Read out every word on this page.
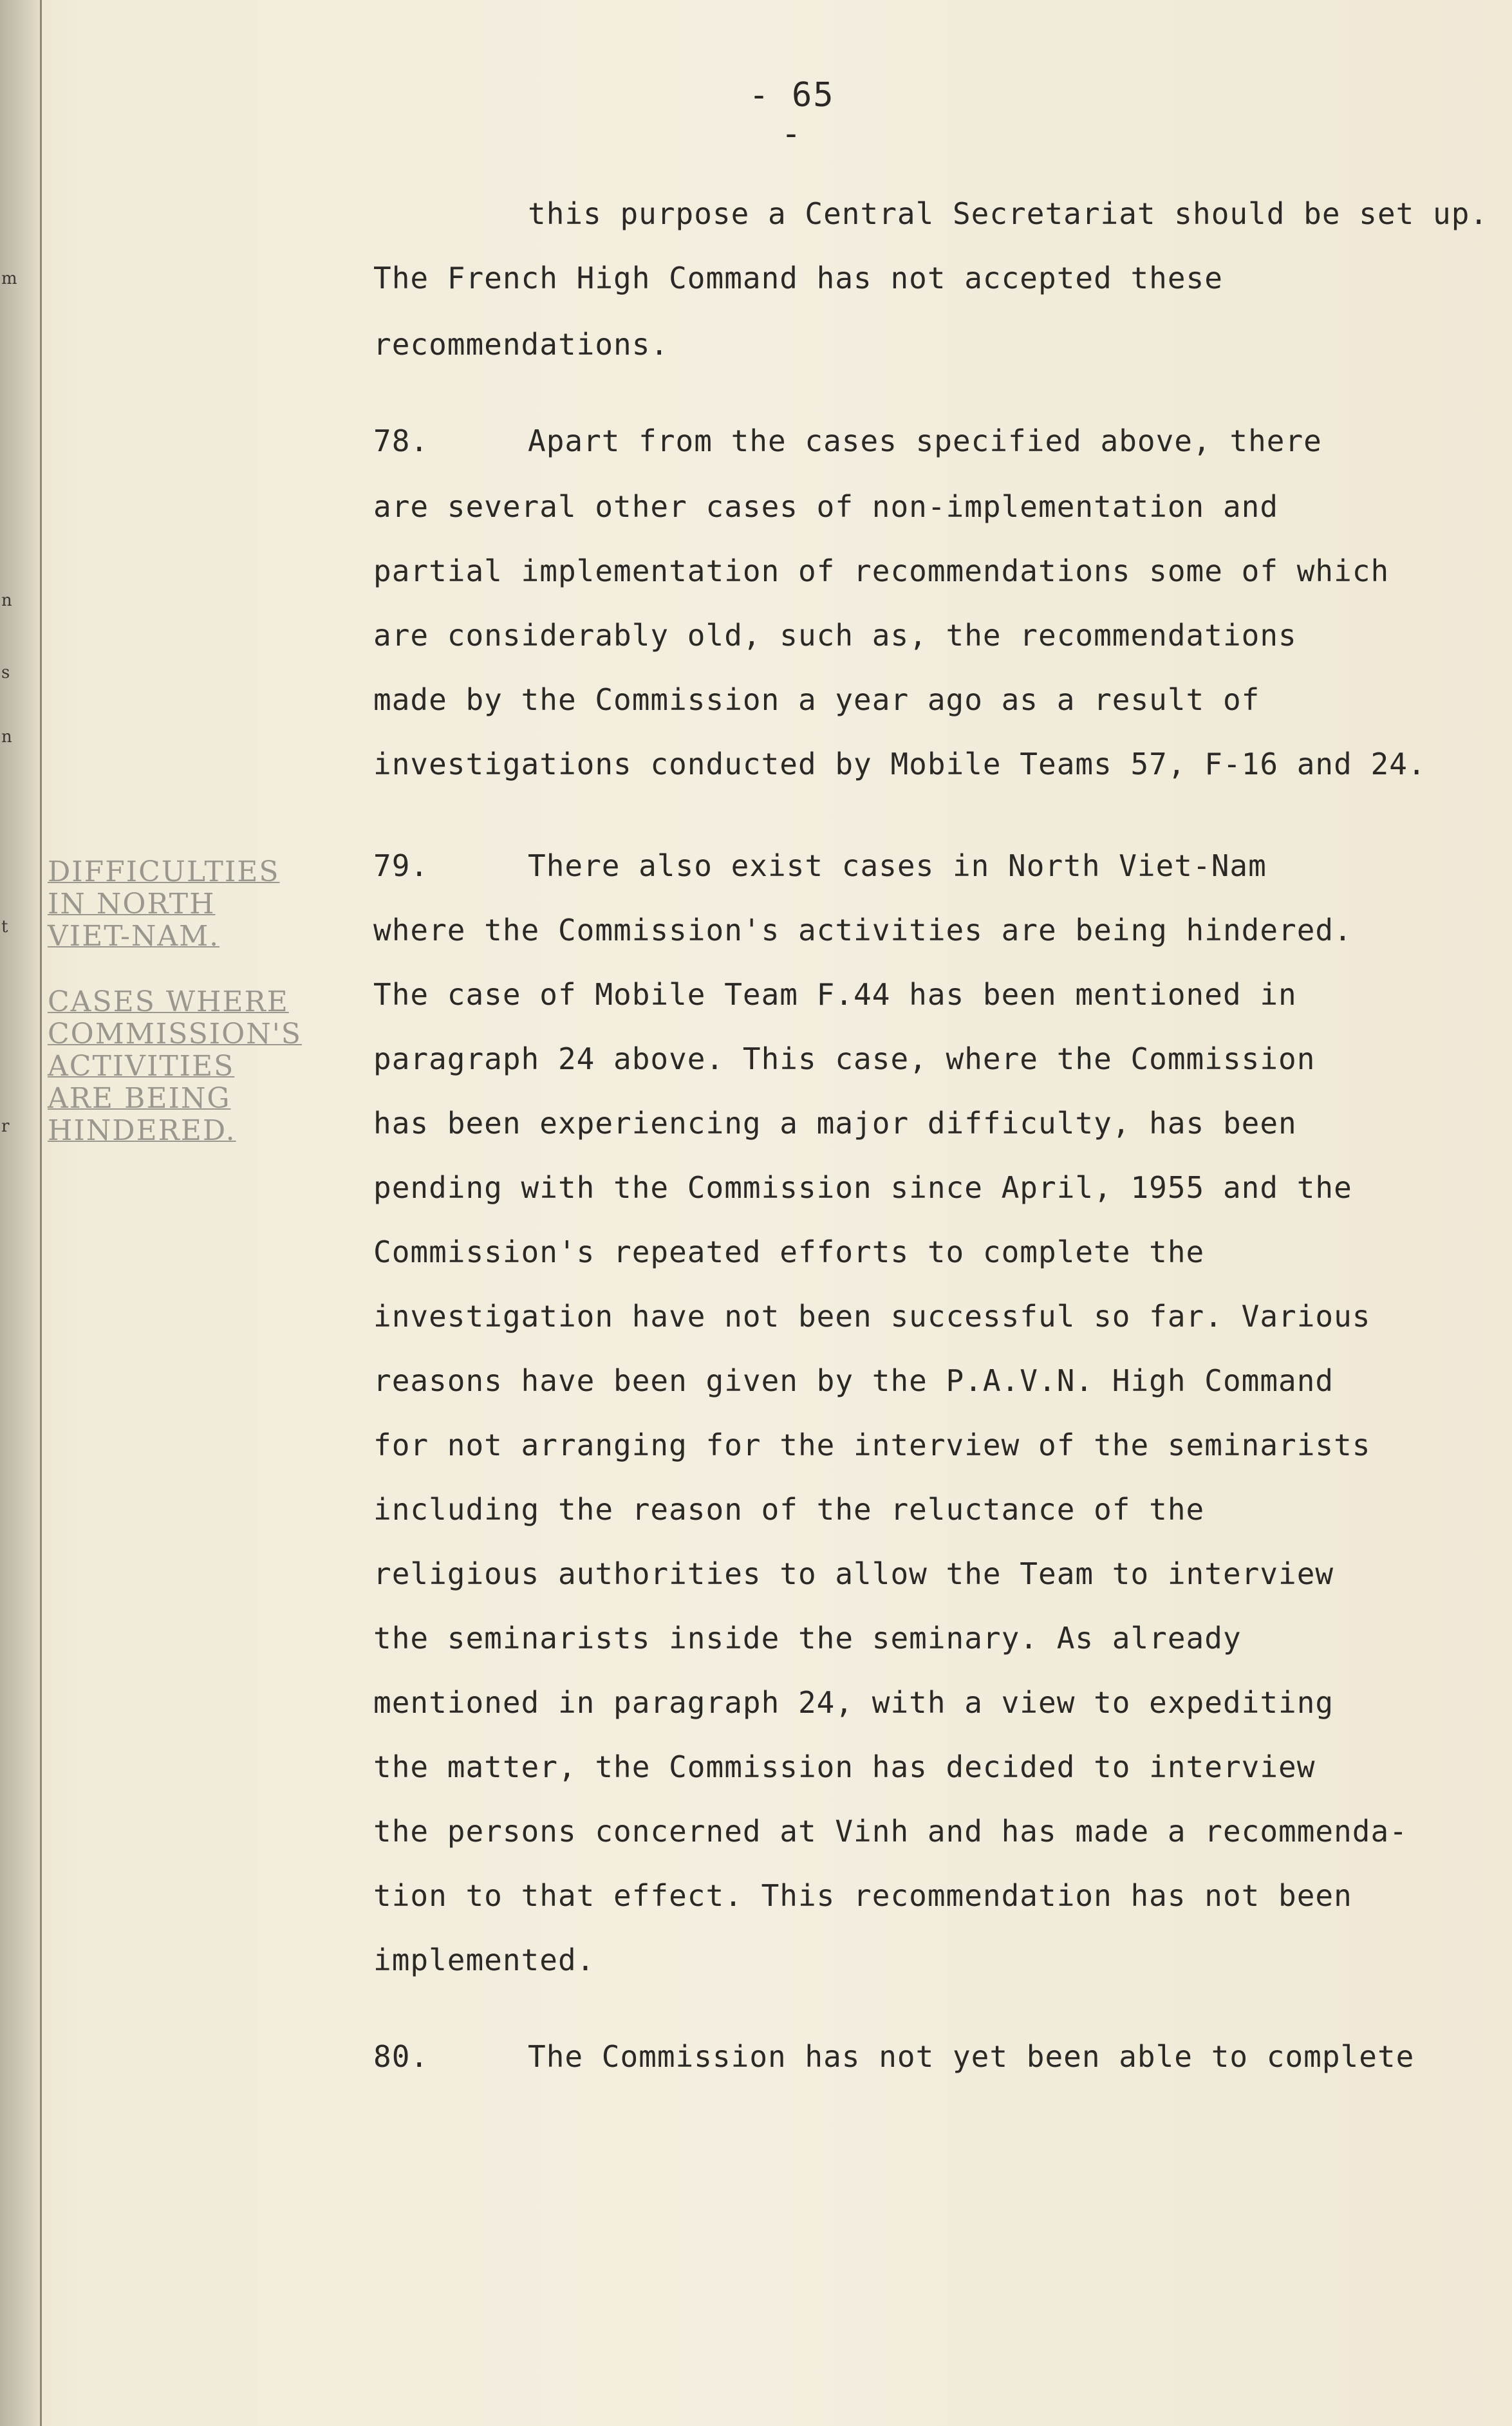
m
n
s
n
t
r
- 65 -
DIFFICULTIES
IN NORTH
VIET-NAM.
CASES WHERE
COMMISSION'S
ACTIVITIES
ARE BEING
HINDERED.
this purpose a Central Secretariat should be set up.
The French High Command has not accepted these
recommendations.
78.	Apart from the cases specified above, there
are several other cases of non-implementation and
partial implementation of recommendations some of which
are considerably old, such as, the recommendations
made by the Commission a year ago as a result of
investigations conducted by Mobile Teams 57, F-16 and 24.
79.	There also exist cases in North Viet-Nam
where the Commission's activities are being hindered.
The case of Mobile Team F.44 has been mentioned in
paragraph 24 above. This case, where the Commission
has been experiencing a major difficulty, has been
pending with the Commission since April, 1955 and the
Commission's repeated efforts to complete the
investigation have not been successful so far. Various
reasons have been given by the P.A.V.N. High Command
for not arranging for the interview of the seminarists
including the reason of the reluctance of the
religious authorities to allow the Team to interview
the seminarists inside the seminary. As already
mentioned in paragraph 24, with a view to expediting
the matter, the Commission has decided to interview
the persons concerned at Vinh and has made a recommenda-
tion to that effect. This recommendation has not been
implemented.
80.	The Commission has not yet been able to complete
